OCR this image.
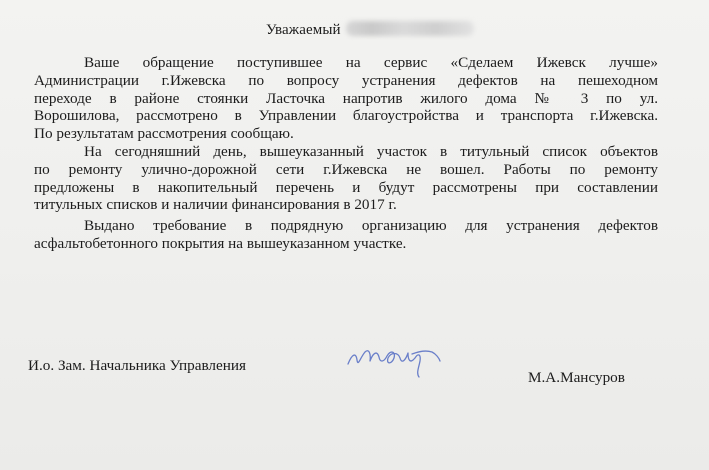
Уважаемый
Ваше обращение поступившее на сервис «Сделаем Ижевск лучше»
Администрации г.Ижевска по вопросу устранения дефектов на пешеходном
переходе в районе стоянки Ласточка напротив жилого дома № 3 по ул.
Ворошилова, рассмотрено в Управлении благоустройства и транспорта г.Ижевска.
По результатам рассмотрения сообщаю.
На сегодняшний день, вышеуказанный участок в титульный список объектов
по ремонту улично-дорожной сети г.Ижевска не вошел. Работы по ремонту
предложены в накопительный перечень и будут рассмотрены при составлении
титульных списков и наличии финансирования в 2017 г.
Выдано требование в подрядную организацию для устранения дефектов
асфальтобетонного покрытия на вышеуказанном участке.
И.о. Зам. Начальника Управления
М.А.Мансуров
